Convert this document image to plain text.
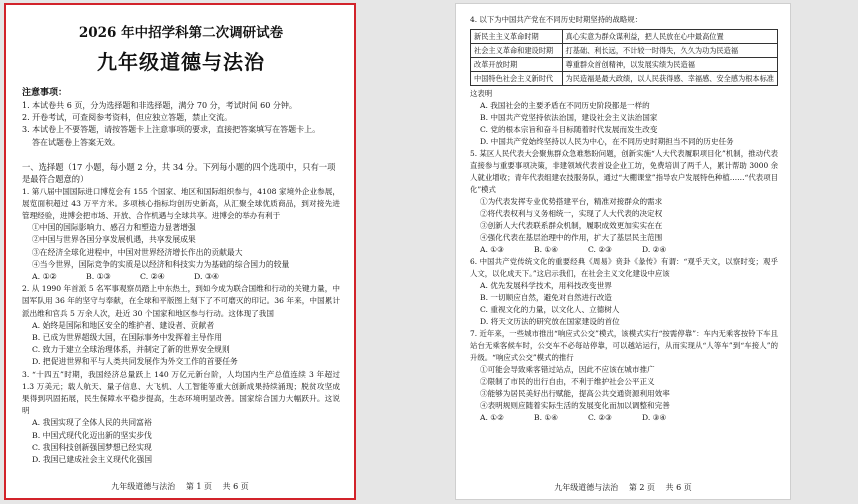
2026 年中招学科第二次调研试卷
九年级道德与法治
注意事项：
1. 本试卷共 6 页，分为选择题和非选择题，满分 70 分，考试时间 60 分钟。
2. 开卷考试，可查阅参考资料，但应独立答题，禁止交流。
3. 本试卷上不要答题，请按答题卡上注意事项的要求，直接把答案填写在答题卡上。
答在试题卷上答案无效。
一、选择题（17 小题，每小题 2 分，共 34 分。下列每小题的四个选项中，只有一项是最符合题意的）
1. 第八届中国国际进口博览会有 155 个国家、地区和国际组织参与，4108 家境外企业参展，展览面积超过 43 万平方米。多项核心指标均创历史新高，从汇聚全球优质商品，到对接先进管理经验，进博会把市场、开放、合作机遇与全球共享。进博会的举办有利于
①中国的国际影响力、感召力和塑造力显著增强
②中国与世界各国分享发展机遇，共享发展成果
③在经济全球化进程中，中国对世界经济增长作出的贡献最大
④当今世界，国际竞争的实质是以经济和科技实力为基础的综合国力的较量
A. ①②	B. ①③	C. ②④	D. ③④
2. 从 1990 年首派 5 名军事观察员踏上中东热土，到如今成为联合国维和行动的关键力量，中国军队用 36 年的坚守与奉献，在全球和平版图上刻下了不可磨灭的印记。36 年来，中国累计派出维和官兵 5 万余人次，赴近 30 个国家和地区参与行动。这体现了我国
A. 始终是国际和地区安全的维护者、建设者、贡献者
B. 已成为世界超级大国，在国际事务中发挥着主导作用
C. 致力于建立全球治理体系，并制定了新的世界安全规则
D. 把促进世界和平与人类共同发展作为外交工作的首要任务
3. “十四五”时期，我国经济总量跃上 140 万亿元新台阶，人均国内生产总值连续 3 年超过 1.3 万美元；载人航天、量子信息、大飞机、人工智能等重大创新成果持续涌现；脱贫攻坚成果得到巩固拓展，民生保障水平稳步提高，生态环境明显改善。国家综合国力大幅跃升。这说明
A. 我国实现了全体人民的共同富裕
B. 中国式现代化迈出新的坚实步伐
C. 我国科技创新强国梦想已经实现
D. 我国已建成社会主义现代化强国
九年级道德与法治 第 1 页 共 6 页
4. 以下为中国共产党在不同历史时期坚持的战略规：
新民主主义革命时期	真心实意为群众谋利益，把人民放在心中最高位置
社会主义革命和建设时期	打基础、利长远，不计较一时得失，久久为功为民造福
改革开放时期	尊重群众首创精神，以发展实绩为民造福
中国特色社会主义新时代	为民造福是最大政绩，以人民获得感、幸福感、安全感为根本标准
这表明
A. 我国社会的主要矛盾在不同历史阶段都是一样的
B. 中国共产党坚持依法治国，建设社会主义法治国家
C. 党的根本宗旨和奋斗目标随着时代发展而发生改变
D. 中国共产党始终坚持以人民为中心，在不同历史时期担当不同的历史任务
5. 某区人民代表大会聚焦群众急难愁盼问题，创新实施“人大代表履职项目化”机制，推动代表直接参与重要事项决策，非建领域代表首设企业工坊，免费培训了两千人，累计帮助 3000 余人就业增收；青年代表组建农技服务队，通过“大棚课堂”指导农户发展特色种植……“代表项目化”模式
①为代表发挥专业优势搭建平台，精准对接群众的需求
②将代表权利与义务相统一，实现了人大代表的决定权
③创新人大代表联系群众机制，履职成效更加实实在在
④强化代表在基层治理中的作用，扩大了基层民主范围
A. ①③	B. ①④	C. ②③	D. ②④
6. 中国共产党传统文化的重要经典《周易》贲卦《彖传》有谓：“观乎天文，以察时变；观乎人文，以化成天下。”这启示我们，在社会主义文化建设中应该
A. 优先发展科学技术，用科技改变世界
B. 一切顺应自然，避免对自然进行改造
C. 重视文化的力量，以文化人、立德树人
D. 将天文历法的研究放在国家建设的首位
7. 近年来，一些城市推出“响应式公交”模式，该模式实行“按需停靠”：车内无乘客按铃下车且站台无乘客候车时，公交车不必每站停靠，可以越站运行，从而实现从“人等车”到“车接人”的升级。“响应式公交”模式的推行
①可能会导致乘客错过站点，因此不应该在城市推广
②限制了市民的出行自由，不利于维护社会公平正义
③能够为居民美好出行赋能，提高公共交通资源利用效率
④表明规则应随着实际生活的发展变化而加以调整和完善
A. ①②	B. ①④	C. ②③	D. ③④
九年级道德与法治 第 2 页 共 6 页
